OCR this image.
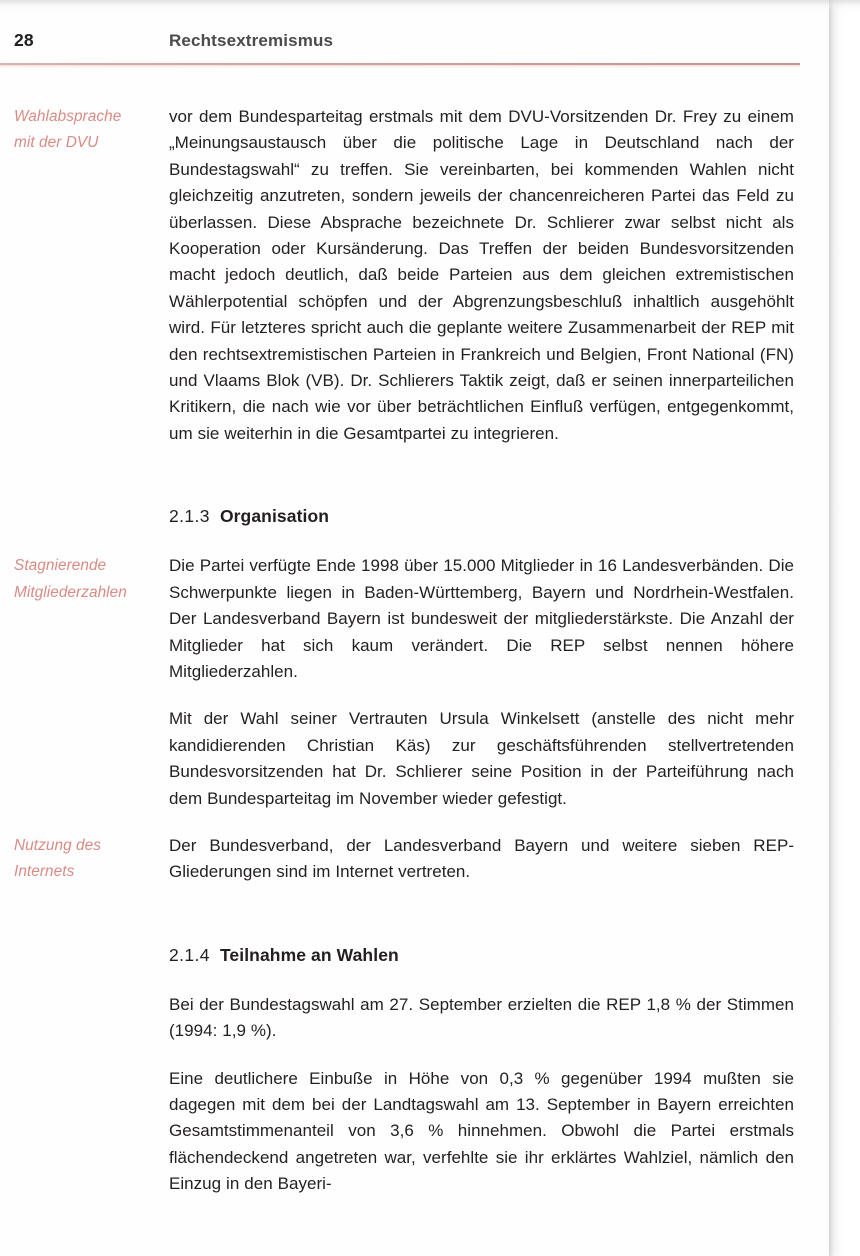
28	Rechtsextremismus
Wahlabsprache
mit der DVU

vor dem Bundesparteitag erstmals mit dem DVU-Vorsitzenden Dr. Frey zu einem „Meinungsaustausch über die politische Lage in Deutschland nach der Bundestagswahl“ zu treffen. Sie vereinbarten, bei kommenden Wahlen nicht gleichzeitig anzutreten, sondern jeweils der chancenreicheren Partei das Feld zu überlassen. Diese Absprache bezeichnete Dr. Schlierer zwar selbst nicht als Kooperation oder Kursänderung. Das Treffen der beiden Bundesvorsitzenden macht jedoch deutlich, daß beide Parteien aus dem gleichen extremistischen Wählerpotential schöpfen und der Abgrenzungsbeschluß inhaltlich ausgehöhlt wird. Für letzteres spricht auch die geplante weitere Zusammenarbeit der REP mit den rechtsextremistischen Parteien in Frankreich und Belgien, Front National (FN) und Vlaams Blok (VB). Dr. Schlierers Taktik zeigt, daß er seinen innerparteilichen Kritikern, die nach wie vor über beträchtlichen Einfluß verfügen, entgegenkommt, um sie weiterhin in die Gesamtpartei zu integrieren.

2.1.3 Organisation
Stagnierende
Mitgliederzahlen

Die Partei verfügte Ende 1998 über 15.000 Mitglieder in 16 Landesverbänden. Die Schwerpunkte liegen in Baden-Württemberg, Bayern und Nordrhein-Westfalen. Der Landesverband Bayern ist bundesweit der mitgliederstärkste. Die Anzahl der Mitglieder hat sich kaum verändert. Die REP selbst nennen höhere Mitgliederzahlen.

Mit der Wahl seiner Vertrauten Ursula Winkelsett (anstelle des nicht mehr kandidierenden Christian Käs) zur geschäftsführenden stellvertretenden Bundesvorsitzenden hat Dr. Schlierer seine Position in der Parteiführung nach dem Bundesparteitag im November wieder gefestigt.

Nutzung des
Internets

Der Bundesverband, der Landesverband Bayern und weitere sieben REP-Gliederungen sind im Internet vertreten.

2.1.4 Teilnahme an Wahlen

Bei der Bundestagswahl am 27. September erzielten die REP 1,8 % der Stimmen (1994: 1,9 %).

Eine deutlichere Einbuße in Höhe von 0,3 % gegenüber 1994 mußten sie dagegen mit dem bei der Landtagswahl am 13. September in Bayern erreichten Gesamtstimmenanteil von 3,6 % hinnehmen. Obwohl die Partei erstmals flächendeckend angetreten war, verfehlte sie ihr erklärtes Wahlziel, nämlich den Einzug in den Bayeri-
